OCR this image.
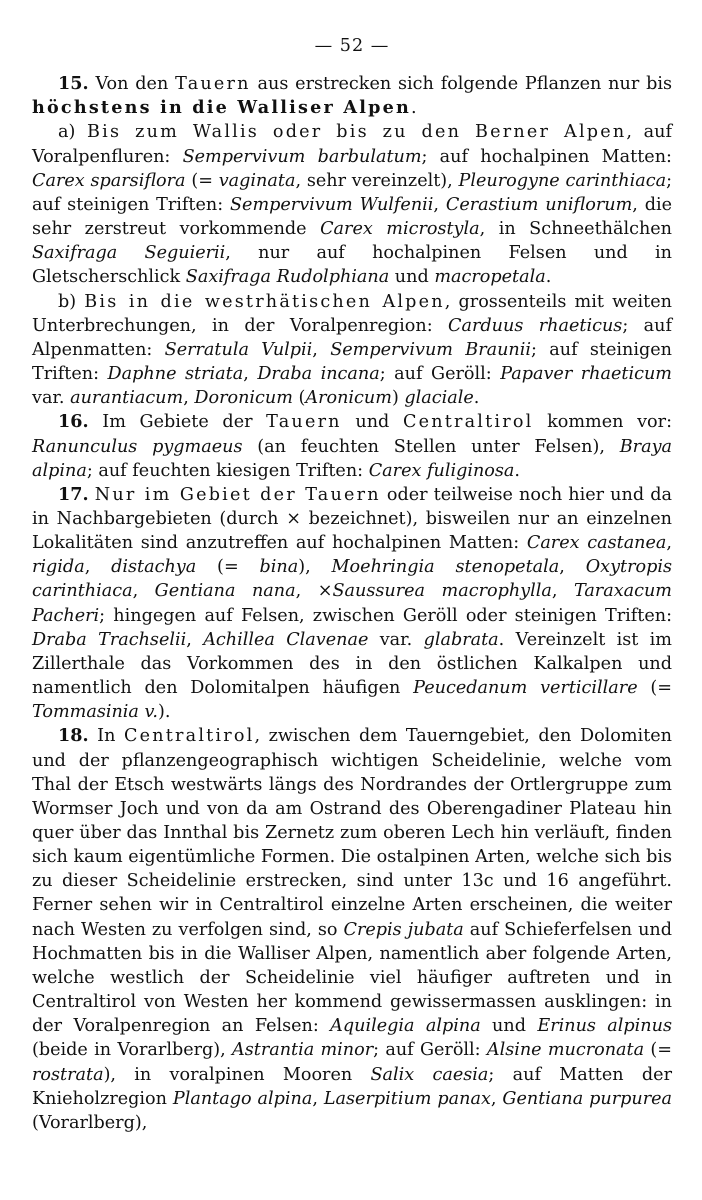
— 52 —

15. Von den Tauern aus erstrecken sich folgende Pflanzen nur bis höchstens in die Walliser Alpen.

a) Bis zum Wallis oder bis zu den Berner Alpen, auf Voralpenfluren: Sempervivum barbulatum; auf hochalpinen Matten: Carex sparsiflora (= vaginata, sehr vereinzelt), Pleurogyne carinthiaca; auf steinigen Triften: Sempervivum Wulfenii, Cerastium uniflorum, die sehr zerstreut vorkommende Carex microstyla, in Schneethälchen Saxifraga Seguierii, nur auf hochalpinen Felsen und in Gletscherschlick Saxifraga Rudolphiana und macropetala.

b) Bis in die westrhätischen Alpen, grossenteils mit weiten Unterbrechungen, in der Voralpenregion: Carduus rhaeticus; auf Alpenmatten: Serratula Vulpii, Sempervivum Braunii; auf steinigen Triften: Daphne striata, Draba incana; auf Geröll: Papaver rhaeticum var. aurantiacum, Doronicum (Aronicum) glaciale.

16. Im Gebiete der Tauern und Centraltirol kommen vor: Ranunculus pygmaeus (an feuchten Stellen unter Felsen), Braya alpina; auf feuchten kiesigen Triften: Carex fuliginosa.

17. Nur im Gebiet der Tauern oder teilweise noch hier und da in Nachbargebieten (durch × bezeichnet), bisweilen nur an einzelnen Lokalitäten sind anzutreffen auf hochalpinen Matten: Carex castanea, rigida, distachya (= bina), Moehringia stenopetala, Oxytropis carinthiaca, Gentiana nana, ×Saussurea macrophylla, Taraxacum Pacheri; hingegen auf Felsen, zwischen Geröll oder steinigen Triften: Draba Trachselii, Achillea Clavenae var. glabrata. Vereinzelt ist im Zillerthale das Vorkommen des in den östlichen Kalkalpen und namentlich den Dolomitalpen häufigen Peucedanum verticillare (= Tommasinia v.).

18. In Centraltirol, zwischen dem Tauerngebiet, den Dolomiten und der pflanzengeographisch wichtigen Scheidelinie, welche vom Thal der Etsch westwärts längs des Nordrandes der Ortlergruppe zum Wormser Joch und von da am Ostrand des Oberengadiner Plateau hin quer über das Innthal bis Zernetz zum oberen Lech hin verläuft, finden sich kaum eigentümliche Formen. Die ostalpinen Arten, welche sich bis zu dieser Scheidelinie erstrecken, sind unter 13c und 16 angeführt. Ferner sehen wir in Centraltirol einzelne Arten erscheinen, die weiter nach Westen zu verfolgen sind, so Crepis jubata auf Schieferfelsen und Hochmatten bis in die Walliser Alpen, namentlich aber folgende Arten, welche westlich der Scheidelinie viel häufiger auftreten und in Centraltirol von Westen her kommend gewissermassen ausklingen: in der Voralpenregion an Felsen: Aquilegia alpina und Erinus alpinus (beide in Vorarlberg), Astrantia minor; auf Geröll: Alsine mucronata (= rostrata), in voralpinen Mooren Salix caesia; auf Matten der Knieholzregion Plantago alpina, Laserpitium panax, Gentiana purpurea (Vorarlberg),
